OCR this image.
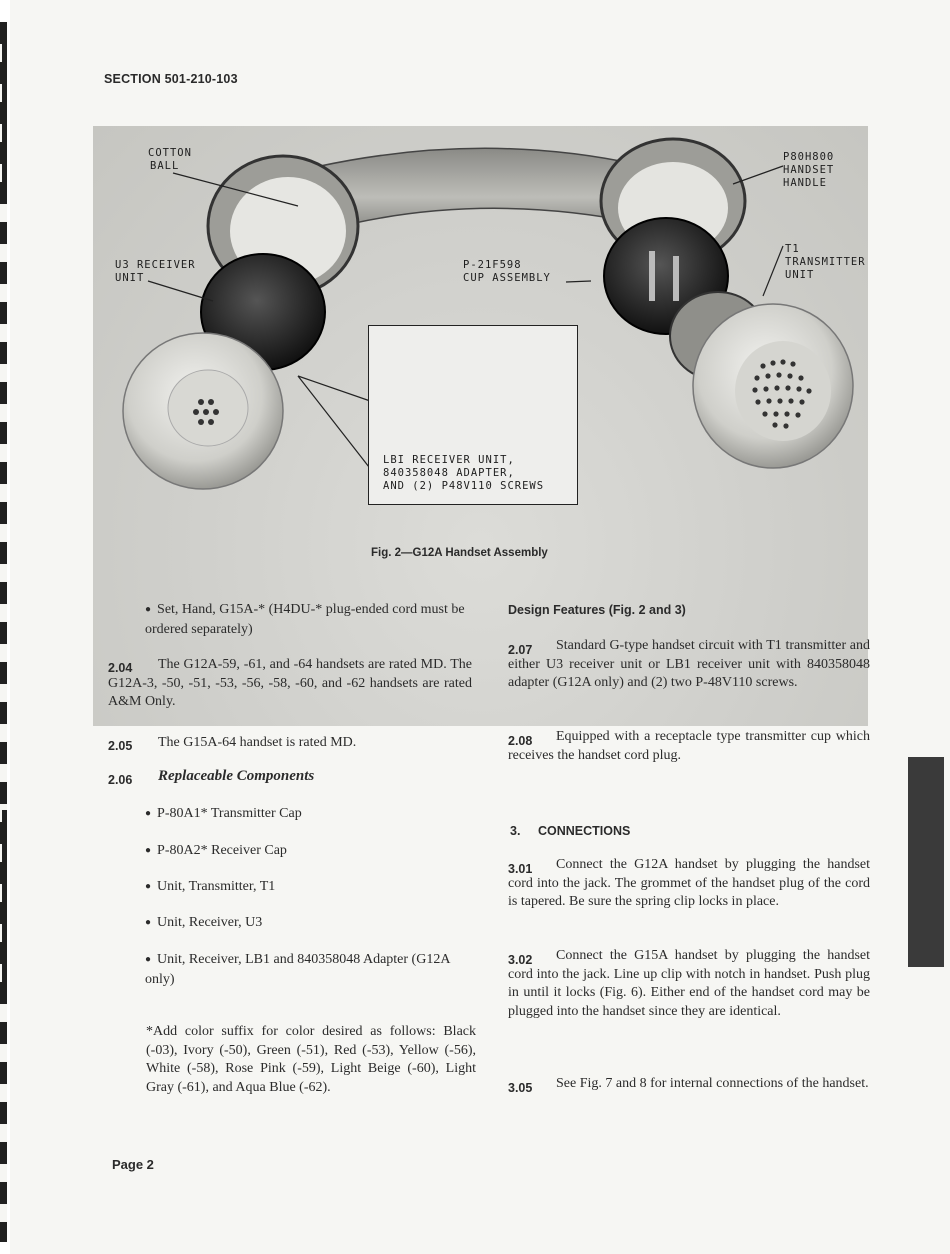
SECTION 501-210-103
COTTON
BALL
P80H800
HANDSET
HANDLE
U3 RECEIVER
UNIT
P-21F598
CUP ASSEMBLY
T1
TRANSMITTER
UNIT
LBI RECEIVER UNIT,
840358048 ADAPTER,
AND (2) P48V110 SCREWS
Fig. 2—G12A Handset Assembly
● Set, Hand, G15A-* (H4DU-* plug-ended cord must be ordered separately)
2.04	The G12A-59, -61, and -64 handsets are rated MD. The G12A-3, -50, -51, -53, -56, -58, -60, and -62 handsets are rated A&M Only.
2.05 The G15A-64 handset is rated MD.
2.06 Replaceable Components
● P-80A1* Transmitter Cap
● P-80A2* Receiver Cap
● Unit, Transmitter, T1
● Unit, Receiver, U3
● Unit, Receiver, LB1 and 840358048 Adapter (G12A only)
*Add color suffix for color desired as follows: Black (-03), Ivory (-50), Green (-51), Red (-53), Yellow (-56), White (-58), Rose Pink (-59), Light Beige (-60), Light Gray (-61), and Aqua Blue (-62).
Design Features (Fig. 2 and 3)
2.07	Standard G-type handset circuit with T1 transmitter and either U3 receiver unit or LB1 receiver unit with 840358048 adapter (G12A only) and (2) two P-48V110 screws.
2.08	Equipped with a receptacle type transmitter cup which receives the handset cord plug.
3. CONNECTIONS
3.01	Connect the G12A handset by plugging the handset cord into the jack. The grommet of the handset plug of the cord is tapered. Be sure the spring clip locks in place.
3.02	Connect the G15A handset by plugging the handset cord into the jack. Line up clip with notch in handset. Push plug in until it locks (Fig. 6). Either end of the handset cord may be plugged into the handset since they are identical.
3.05	See Fig. 7 and 8 for internal connections of the handset.
Page 2
